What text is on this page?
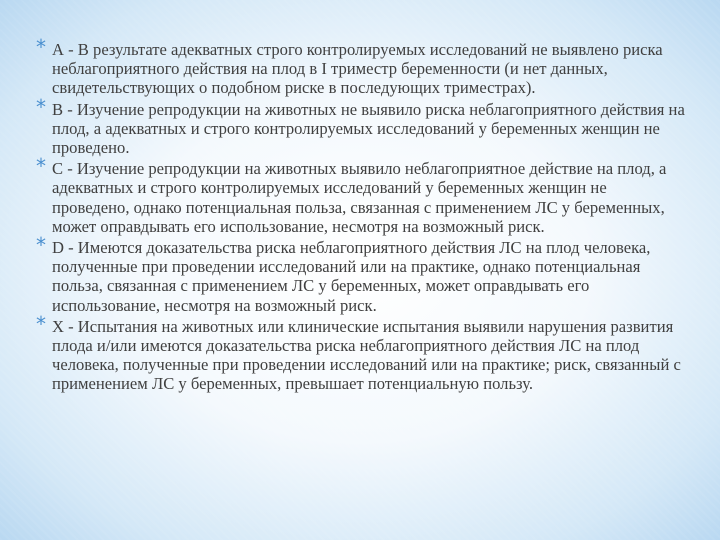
* А - В результате адекватных строго контролируемых исследований не выявлено риска неблагоприятного действия на плод в I триместр беременности (и нет данных, свидетельствующих о подобном риске в последующих триместрах).
* В - Изучение репродукции на животных не выявило риска неблагоприятного действия на плод, а адекватных и строго контролируемых исследований у беременных женщин не проведено.
* С - Изучение репродукции на животных выявило неблагоприятное действие на плод, а адекватных и строго контролируемых исследований у беременных женщин не проведено, однако потенциальная польза, связанная с применением ЛС у беременных, может оправдывать его использование, несмотря на возможный риск.
* D - Имеются доказательства риска неблагоприятного действия ЛС на плод человека, полученные при проведении исследований или на практике, однако потенциальная польза, связанная с применением ЛС у беременных, может оправдывать его использование, несмотря на возможный риск.
* X - Испытания на животных или клинические испытания выявили нарушения развития плода и/или имеются доказательства риска неблагоприятного действия ЛС на плод человека, полученные при проведении исследований или на практике; риск, связанный с применением ЛС у беременных, превышает потенциальную пользу.
